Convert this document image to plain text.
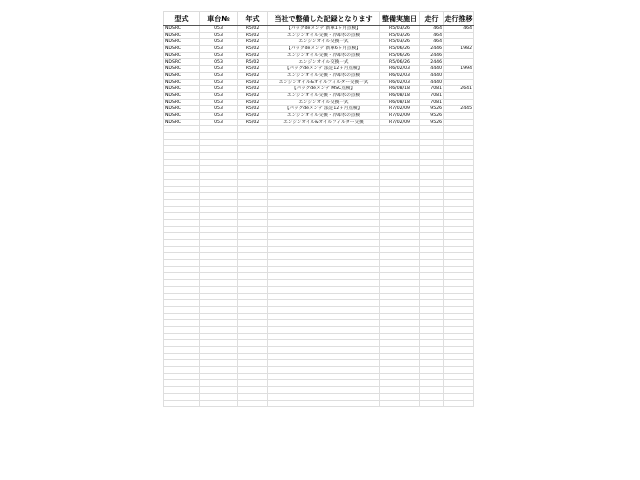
型式	車台№	年式	当社で整備した記録となります	整備実施日	走行	走行推移
NDSRC	053	R5/02	【パックdeメンテ 新車1ヶ月点検】	R5/03/26	464	464
NDSRC	053	R5/02	エンジンオイル交換・冷却水の点検	R5/03/26	464	
NDSRC	053	R5/02	エンジンオイル交換一式	R5/03/26	464	
NDSRC	053	R5/02	【パックdeメンテ 新車6ヶ月点検】	R5/06/26	2446	1982
NDSRC	053	R5/02	エンジンオイル交換・冷却水の点検	R5/06/26	2446	
NDSRC	053	R5/02	エンジンオイル交換一式	R5/06/26	2446	
NDSRC	053	R5/02	【パックdeメンテ 法定12ヶ月点検】	R6/02/03	4440	1994
NDSRC	053	R5/02	エンジンオイル交換・冷却水の点検	R6/02/03	4440	
NDSRC	053	R5/02	エンジンオイル&オイルフィルター交換一式	R6/02/03	4440	
NDSRC	053	R5/02	【パックdeメンテ MSC点検】	R6/08/18	7081	2641
NDSRC	053	R5/02	エンジンオイル交換・冷却水の点検	R6/08/18	7081	
NDSRC	053	R5/02	エンジンオイル交換一式	R6/08/18	7081	
NDSRC	053	R5/02	【パックdeメンテ 法定12ヶ月点検】	R7/02/09	9526	2445
NDSRC	053	R5/02	エンジンオイル交換・冷却水の点検	R7/02/09	9526	
NDSRC	053	R5/02	エンジンオイル&オイルフィルター交換	R7/02/09	9526	
